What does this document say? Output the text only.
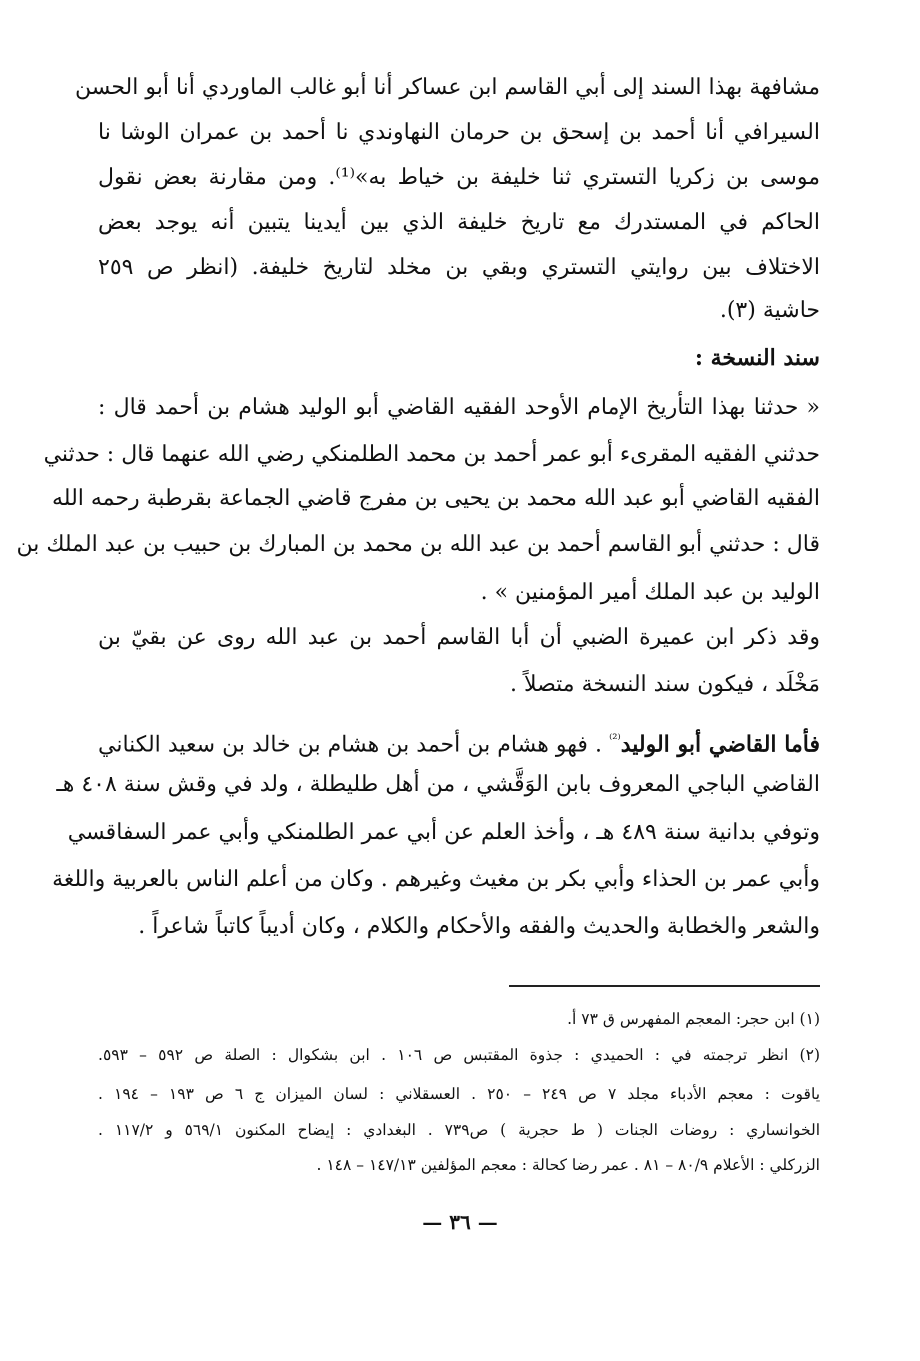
مشافهة بهذا السند إلى أبي القاسم ابن عساكر أنا أبو غالب الماوردي أنا أبو الحسن
السيرافي أنا أحمد بن إسحق بن حرمان النهاوندي نا أحمد بن عمران الوشا نا
موسى بن زكريا التستري ثنا خليفة بن خياط به»⁽¹⁾. ومن مقارنة بعض نقول
الحاكم في المستدرك مع تاريخ خليفة الذي بين أيدينا يتبين أنه يوجد بعض
الاختلاف بين روايتي التستري وبقي بن مخلد لتاريخ خليفة. (انظر ص ٢٥٩
حاشية (٣).
سند النسخة :
« حدثنا بهذا التأريخ الإمام الأوحد الفقيه القاضي أبو الوليد هشام بن أحمد قال :
حدثني الفقيه المقرىء أبو عمر أحمد بن محمد الطلمنكي رضي الله عنهما قال : حدثني
الفقيه القاضي أبو عبد الله محمد بن يحيى بن مفرج قاضي الجماعة بقرطبة رحمه الله
قال : حدثني أبو القاسم أحمد بن عبد الله بن محمد بن المبارك بن حبيب بن عبد الملك بن
الوليد بن عبد الملك أمير المؤمنين » .
وقد ذكر ابن عميرة الضبي أن أبا القاسم أحمد بن عبد الله روى عن بقيّ بن
مَخْلَد ، فيكون سند النسخة متصلاً .
فأما القاضي أبو الوليد$^{^{(2)}}$ . فهو هشام بن أحمد بن هشام بن خالد بن سعيد الكناني
القاضي الباجي المعروف بابن الوَقَّشي ، من أهل طليطلة ، ولد في وقش سنة ٤٠٨ هـ
وتوفي بدانية سنة ٤٨٩ هـ ، وأخذ العلم عن أبي عمر الطلمنكي وأبي عمر السفاقسي
وأبي عمر بن الحذاء وأبي بكر بن مغيث وغيرهم . وكان من أعلم الناس بالعربية واللغة
والشعر والخطابة والحديث والفقه والأحكام والكلام ، وكان أديباً كاتباً شاعراً .
(١) ابن حجر: المعجم المفهرس ق ٧٣ أ.
(٢) انظر ترجمته في : الحميدي : جذوة المقتبس ص ١٠٦ . ابن بشكوال : الصلة ص ٥٩٢ – ٥٩٣.
ياقوت : معجم الأدباء مجلد ٧ ص ٢٤٩ – ٢٥٠ . العسقلاني : لسان الميزان ج ٦ ص ١٩٣ – ١٩٤ .
الخوانساري : روضات الجنات ( ط حجرية ) ص٧٣٩ . البغدادي : إيضاح المكنون ٥٦٩/١ و ١١٧/٢ .
الزركلي : الأعلام ٨٠/٩ – ٨١ . عمر رضا كحالة : معجم المؤلفين ١٤٧/١٣ – ١٤٨ .
— ٣٦ —
